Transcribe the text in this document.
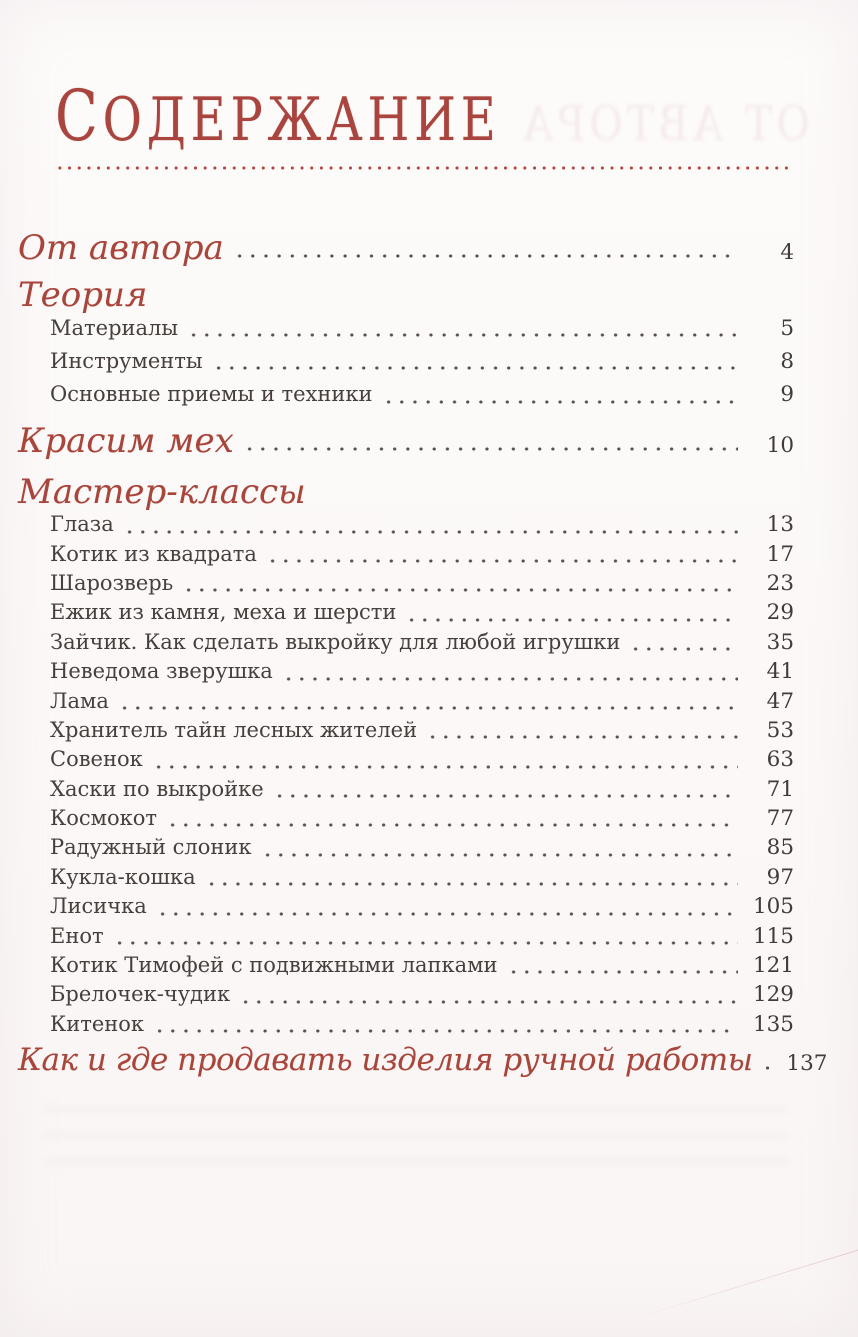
ОТ АВТОРА
СОДЕРЖАНИЕ
От автора	4
Теория
Материалы	5
Инструменты	8
Основные приемы и техники	9
Красим мех	10
Мастер-классы
Глаза	13
Котик из квадрата	17
Шарозверь	23
Ежик из камня, меха и шерсти	29
Зайчик. Как сделать выкройку для любой игрушки	35
Неведома зверушка	41
Лама	47
Хранитель тайн лесных жителей	53
Совенок	63
Хаски по выкройке	71
Космокот	77
Радужный слоник	85
Кукла-кошка	97
Лисичка	105
Енот	115
Котик Тимофей с подвижными лапками	121
Брелочек-чудик	129
Китенок	135
Как и где продавать изделия ручной работы	137
